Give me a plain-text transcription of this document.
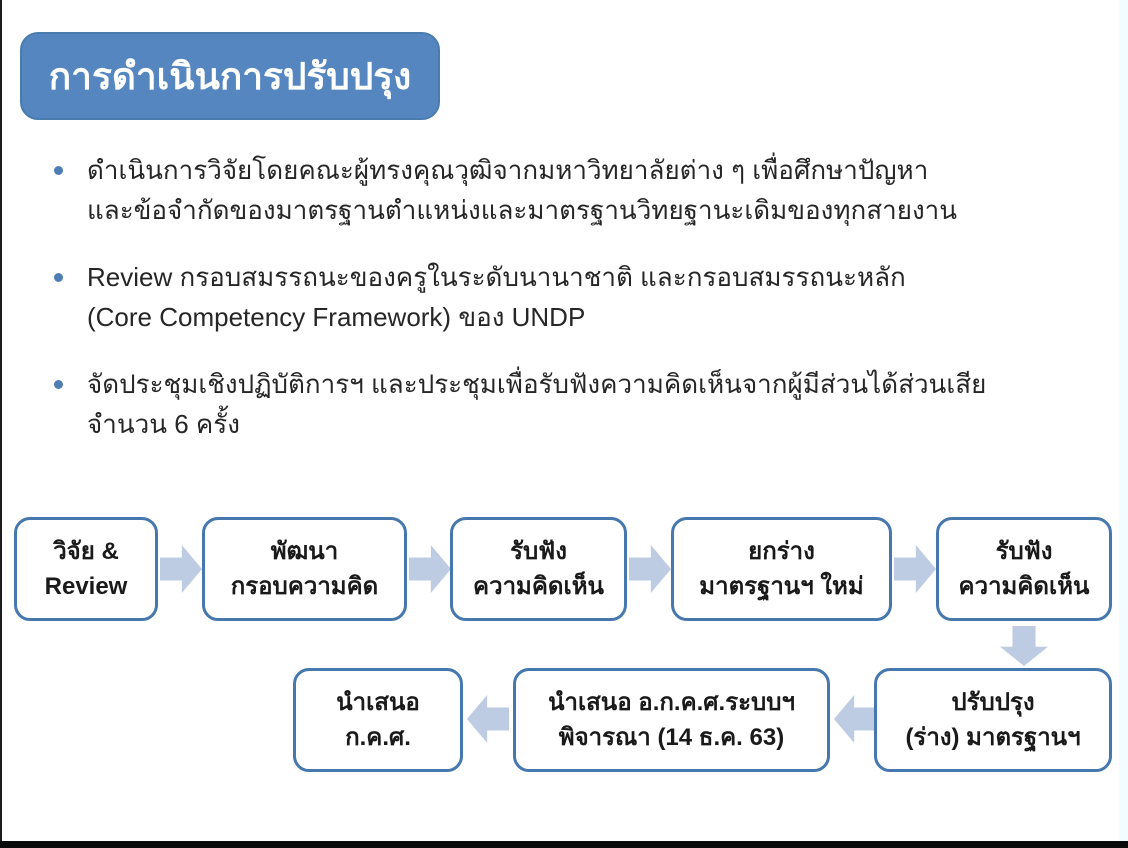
การดำเนินการปรับปรุง
ดำเนินการวิจัยโดยคณะผู้ทรงคุณวุฒิจากมหาวิทยาลัยต่าง ๆ เพื่อศึกษาปัญหา
และข้อจำกัดของมาตรฐานตำแหน่งและมาตรฐานวิทยฐานะเดิมของทุกสายงาน
Review กรอบสมรรถนะของครูในระดับนานาชาติ และกรอบสมรรถนะหลัก
(Core Competency Framework) ของ UNDP
จัดประชุมเชิงปฏิบัติการฯ และประชุมเพื่อรับฟังความคิดเห็นจากผู้มีส่วนได้ส่วนเสีย
จำนวน 6 ครั้ง
วิจัย &
Review
พัฒนา
กรอบความคิด
รับฟัง
ความคิดเห็น
ยกร่าง
มาตรฐานฯ ใหม่
รับฟัง
ความคิดเห็น
นำเสนอ
ก.ค.ศ.
นำเสนอ อ.ก.ค.ศ.ระบบฯ
พิจารณา (14 ธ.ค. 63)
ปรับปรุง
(ร่าง) มาตรฐานฯ
